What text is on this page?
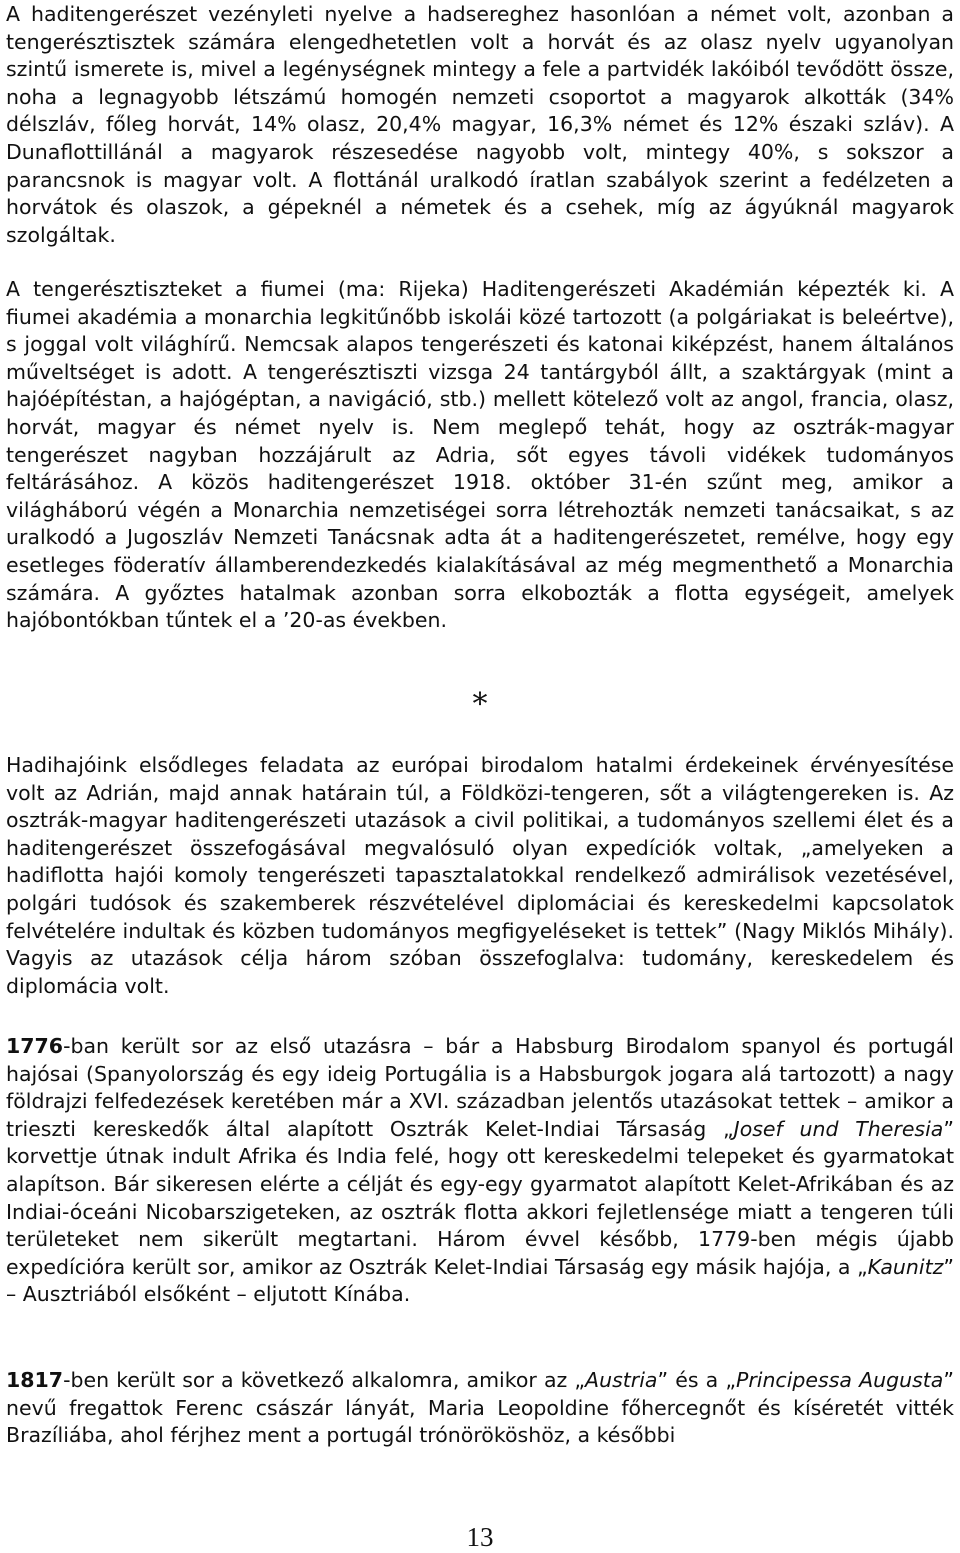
A haditengerészet vezényleti nyelve a hadsereghez hasonlóan a német volt, azonban a tengerésztisztek számára elengedhetetlen volt a horvát és az olasz nyelv ugyanolyan szintű ismerete is, mivel a legénységnek mintegy a fele a partvidék lakóiból tevődött össze, noha a legnagyobb létszámú homogén nemzeti csoportot a magyarok alkották (34% délszláv, főleg horvát, 14% olasz, 20,4% magyar, 16,3% német és 12% északi szláv). A Dunaflottillánál a magyarok részesedése nagyobb volt, mintegy 40%, s sokszor a parancsnok is magyar volt. A flottánál uralkodó íratlan szabályok szerint a fedélzeten a horvátok és olaszok, a gépeknél a németek és a csehek, míg az ágyúknál magyarok szolgáltak.

A tengerésztiszteket a fiumei (ma: Rijeka) Haditengerészeti Akadémián képezték ki. A fiumei akadémia a monarchia legkitűnőbb iskolái közé tartozott (a polgáriakat is beleértve), s joggal volt világhírű. Nemcsak alapos tengerészeti és katonai kiképzést, hanem általános műveltséget is adott. A tengerésztiszti vizsga 24 tantárgyból állt, a szaktárgyak (mint a hajóépítéstan, a hajógéptan, a navigáció, stb.) mellett kötelező volt az angol, francia, olasz, horvát, magyar és német nyelv is. Nem meglepő tehát, hogy az osztrák-magyar tengerészet nagyban hozzájárult az Adria, sőt egyes távoli vidékek tudományos feltárásához. A közös haditengerészet 1918. október 31-én szűnt meg, amikor a világháború végén a Monarchia nemzetiségei sorra létrehozták nemzeti tanácsaikat, s az uralkodó a Jugoszláv Nemzeti Tanácsnak adta át a haditengerészetet, remélve, hogy egy esetleges föderatív államberendezkedés kialakításával az még megmenthető a Monarchia számára. A győztes hatalmak azonban sorra elkobozták a flotta egységeit, amelyek hajóbontókban tűntek el a ’20-as években.

*

Hadihajóink elsődleges feladata az európai birodalom hatalmi érdekeinek érvényesítése volt az Adrián, majd annak határain túl, a Földközi-tengeren, sőt a világtengereken is. Az osztrák-magyar haditengerészeti utazások a civil politikai, a tudományos szellemi élet és a haditengerészet összefogásával megvalósuló olyan expedíciók voltak, „amelyeken a hadiflotta hajói komoly tengerészeti tapasztalatokkal rendelkező admirálisok vezetésével, polgári tudósok és szakemberek részvételével diplomáciai és kereskedelmi kapcsolatok felvételére indultak és közben tudományos megfigyeléseket is tettek” (Nagy Miklós Mihály). Vagyis az utazások célja három szóban összefoglalva: tudomány, kereskedelem és diplomácia volt.

1776-ban került sor az első utazásra – bár a Habsburg Birodalom spanyol és portugál hajósai (Spanyolország és egy ideig Portugália is a Habsburgok jogara alá tartozott) a nagy földrajzi felfedezések keretében már a XVI. században jelentős utazásokat tettek – amikor a trieszti kereskedők által alapított Osztrák Kelet-Indiai Társaság „Josef und Theresia” korvettje útnak indult Afrika és India felé, hogy ott kereskedelmi telepeket és gyarmatokat alapítson. Bár sikeresen elérte a célját és egy-egy gyarmatot alapított Kelet-Afrikában és az Indiai-óceáni Nicobarszigeteken, az osztrák flotta akkori fejletlensége miatt a tengeren túli területeket nem sikerült megtartani. Három évvel később, 1779-ben mégis újabb expedícióra került sor, amikor az Osztrák Kelet-Indiai Társaság egy másik hajója, a „Kaunitz” – Ausztriából elsőként – eljutott Kínába.

1817-ben került sor a következő alkalomra, amikor az „Austria” és a „Principessa Augusta” nevű fregattok Ferenc császár lányát, Maria Leopoldine főhercegnőt és kíséretét vitték Brazíliába, ahol férjhez ment a portugál trónörököshöz, a későbbi

13
